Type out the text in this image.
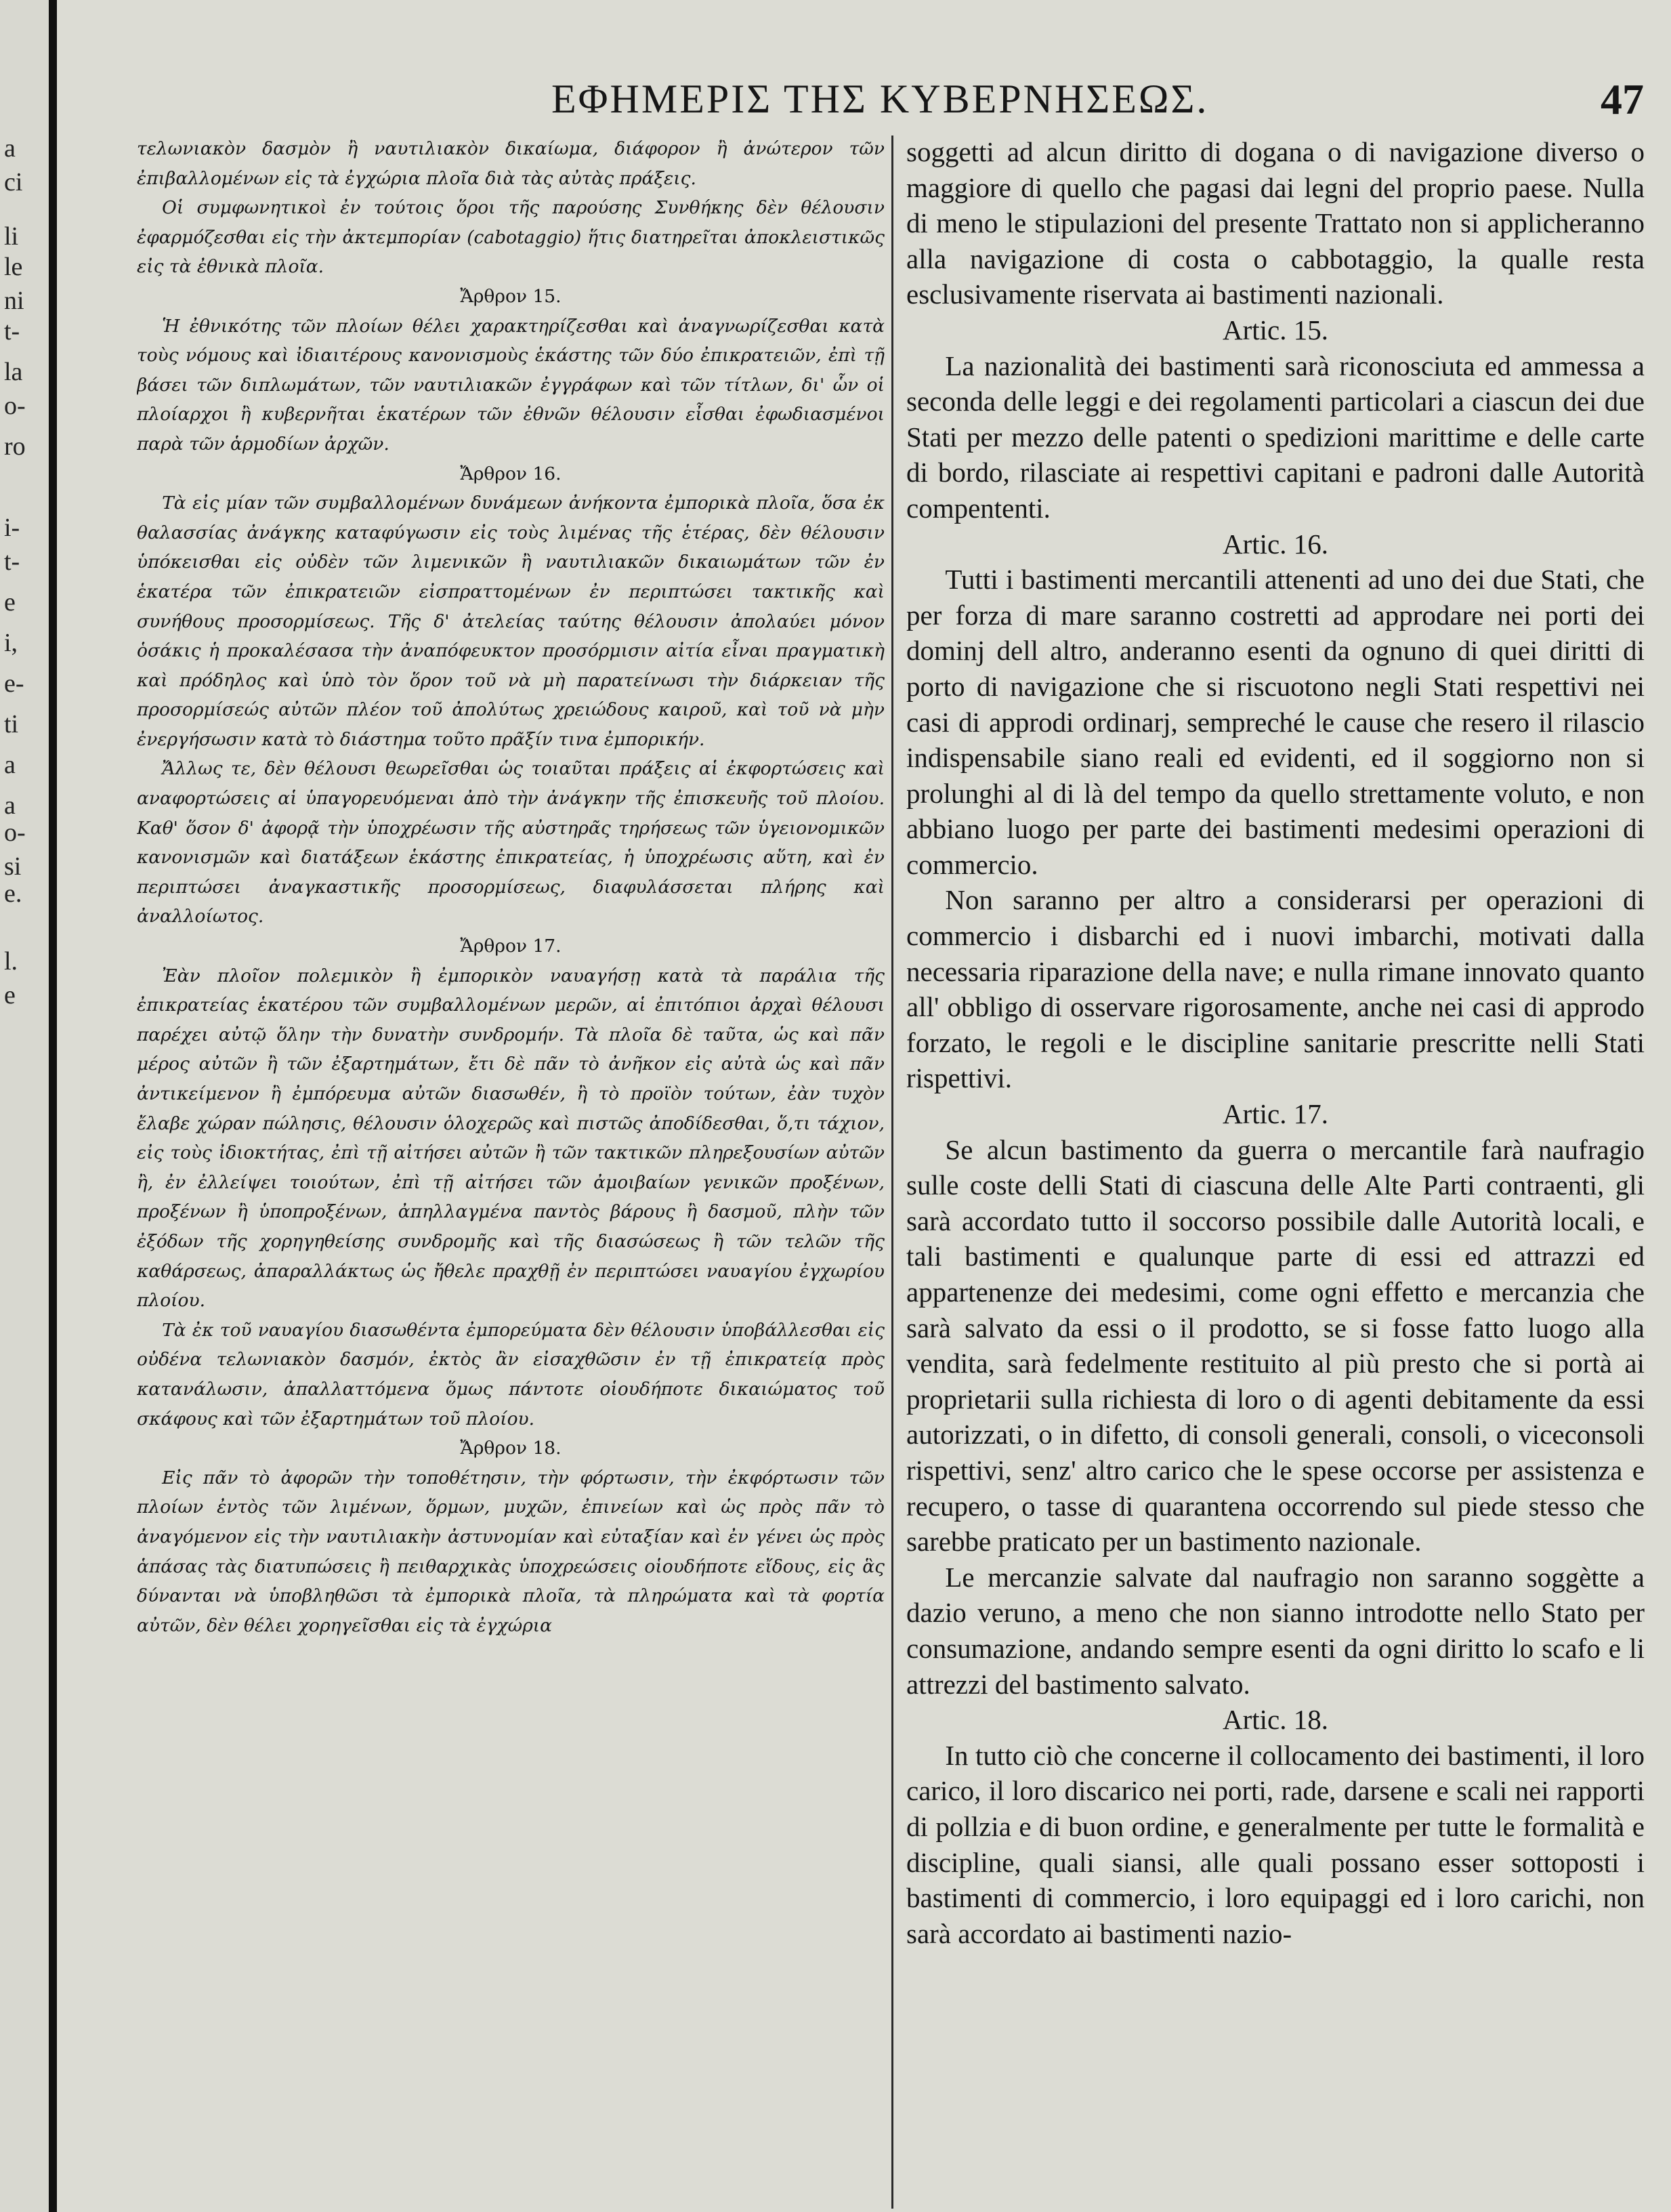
a
ci
li
le
ni
t-
la
o-
ro
i-
t-
e
i,
e-
ti
a
a
o-
si
e.
l.
e
ΕΦΗΜΕΡΙΣ ΤΗΣ ΚΥΒΕΡΝΗΣΕΩΣ.	47

τελωνιακὸν δασμὸν ἢ ναυτιλιακὸν δικαίωμα, διάφορον ἢ ἀνώτερον τῶν ἐπιβαλλομένων εἰς τὰ ἐγχώρια πλοῖα διὰ τὰς αὐτὰς πράξεις.

Οἱ συμφωνητικοὶ ἐν τούτοις ὅροι τῆς παρούσης Συνθήκης δὲν θέλουσιν ἐφαρμόζεσθαι εἰς τὴν ἀκτεμπορίαν (cabotaggio) ἥτις διατηρεῖται ἀποκλειστικῶς εἰς τὰ ἐθνικὰ πλοῖα.

Ἄρθρον 15.

Ἡ ἐθνικότης τῶν πλοίων θέλει χαρακτηρίζεσθαι καὶ ἀναγνωρίζεσθαι κατὰ τοὺς νόμους καὶ ἰδιαιτέρους κανονισμοὺς ἑκάστης τῶν δύο ἐπικρατειῶν, ἐπὶ τῇ βάσει τῶν διπλωμάτων, τῶν ναυτιλιακῶν ἐγγράφων καὶ τῶν τίτλων, δι' ὧν οἱ πλοίαρχοι ἢ κυβερνῆται ἑκατέρων τῶν ἐθνῶν θέλουσιν εἶσθαι ἐφωδιασμένοι παρὰ τῶν ἁρμοδίων ἀρχῶν.

Ἄρθρον 16.

Τὰ εἰς μίαν τῶν συμβαλλομένων δυνάμεων ἀνήκοντα ἐμπορικὰ πλοῖα, ὅσα ἐκ θαλασσίας ἀνάγκης καταφύγωσιν εἰς τοὺς λιμένας τῆς ἑτέρας, δὲν θέλουσιν ὑπόκεισθαι εἰς οὐδὲν τῶν λιμενικῶν ἢ ναυτιλιακῶν δικαιωμάτων τῶν ἐν ἑκατέρα τῶν ἐπικρατειῶν εἰσπραττομένων ἐν περιπτώσει τακτικῆς καὶ συνήθους προσορμίσεως. Τῆς δ' ἀτελείας ταύτης θέλουσιν ἀπολαύει μόνον ὁσάκις ἡ προκαλέσασα τὴν ἀναπόφευκτον προσόρμισιν αἰτία εἶναι πραγματικὴ καὶ πρόδηλος καὶ ὑπὸ τὸν ὅρον τοῦ νὰ μὴ παρατείνωσι τὴν διάρκειαν τῆς προσορμίσεώς αὐτῶν πλέον τοῦ ἀπολύτως χρειώδους καιροῦ, καὶ τοῦ νὰ μὴν ἐνεργήσωσιν κατὰ τὸ διάστημα τοῦτο πρᾶξίν τινα ἐμπορικήν.

Ἄλλως τε, δὲν θέλουσι θεωρεῖσθαι ὡς τοιαῦται πράξεις αἱ ἐκφορτώσεις καὶ αναφορτώσεις αἱ ὑπαγορευόμεναι ἀπὸ τὴν ἀνάγκην τῆς ἐπισκευῆς τοῦ πλοίου. Καθ' ὅσον δ' ἀφορᾷ τὴν ὑποχρέωσιν τῆς αὐστηρᾶς τηρήσεως τῶν ὑγειονομικῶν κανονισμῶν καὶ διατάξεων ἑκάστης ἐπικρατείας, ἡ ὑποχρέωσις αὕτη, καὶ ἐν περιπτώσει ἀναγκαστικῆς προσορμίσεως, διαφυλάσσεται πλήρης καὶ ἀναλλοίωτος.

Ἄρθρον 17.

Ἐὰν πλοῖον πολεμικὸν ἢ ἐμπορικὸν ναυαγήσῃ κατὰ τὰ παράλια τῆς ἐπικρατείας ἑκατέρου τῶν συμβαλλομένων μερῶν, αἱ ἐπιτόπιοι ἀρχαὶ θέλουσι παρέχει αὐτῷ ὅλην τὴν δυνατὴν συνδρομήν. Τὰ πλοῖα δὲ ταῦτα, ὡς καὶ πᾶν μέρος αὐτῶν ἢ τῶν ἐξαρτημάτων, ἔτι δὲ πᾶν τὸ ἀνῆκον εἰς αὐτὰ ὡς καὶ πᾶν ἀντικείμενον ἢ ἐμπόρευμα αὐτῶν διασωθέν, ἢ τὸ προϊὸν τούτων, ἐὰν τυχὸν ἔλαβε χώραν πώλησις, θέλουσιν ὁλοχερῶς καὶ πιστῶς ἀποδίδεσθαι, ὅ,τι τάχιον, εἰς τοὺς ἰδιοκτήτας, ἐπὶ τῇ αἰτήσει αὐτῶν ἢ τῶν τακτικῶν πληρεξουσίων αὐτῶν ἢ, ἐν ἐλλείψει τοιούτων, ἐπὶ τῇ αἰτήσει τῶν ἀμοιβαίων γενικῶν προξένων, προξένων ἢ ὑποπροξένων, ἀπηλλαγμένα παντὸς βάρους ἢ δασμοῦ, πλὴν τῶν ἐξόδων τῆς χορηγηθείσης συνδρομῆς καὶ τῆς διασώσεως ἢ τῶν τελῶν τῆς καθάρσεως, ἀπαραλλάκτως ὡς ἤθελε πραχθῇ ἐν περιπτώσει ναυαγίου ἐγχωρίου πλοίου.

Τὰ ἐκ τοῦ ναυαγίου διασωθέντα ἐμπορεύματα δὲν θέλουσιν ὑποβάλλεσθαι εἰς οὐδένα τελωνιακὸν δασμόν, ἐκτὸς ἂν εἰσαχθῶσιν ἐν τῇ ἐπικρατείᾳ πρὸς κατανάλωσιν, ἀπαλλαττόμενα ὅμως πάντοτε οἱουδήποτε δικαιώματος τοῦ σκάφους καὶ τῶν ἐξαρτημάτων τοῦ πλοίου.

Ἄρθρον 18.

Εἰς πᾶν τὸ ἀφορῶν τὴν τοποθέτησιν, τὴν φόρτωσιν, τὴν ἐκφόρτωσιν τῶν πλοίων ἐντὸς τῶν λιμένων, ὅρμων, μυχῶν, ἐπινείων καὶ ὡς πρὸς πᾶν τὸ ἀναγόμενον εἰς τὴν ναυτιλιακὴν ἀστυνομίαν καὶ εὐταξίαν καὶ ἐν γένει ὡς πρὸς ἁπάσας τὰς διατυπώσεις ἢ πειθαρχικὰς ὑποχρεώσεις οἱουδήποτε εἴδους, εἰς ἃς δύνανται νὰ ὑποβληθῶσι τὰ ἐμπορικὰ πλοῖα, τὰ πληρώματα καὶ τὰ φορτία αὐτῶν, δὲν θέλει χορηγεῖσθαι εἰς τὰ ἐγχώρια

soggetti ad alcun diritto di dogana o di navigazione diverso o maggiore di quello che pagasi dai legni del proprio paese. Nulla di meno le stipulazioni del presente Trattato non si applicheranno alla navigazione di costa o cabbotaggio, la qualle resta esclusivamente riservata ai bastimenti nazionali.

Artic. 15.

La nazionalità dei bastimenti sarà riconosciuta ed ammessa a seconda delle leggi e dei regolamenti particolari a ciascun dei due Stati per mezzo delle patenti o spedizioni marittime e delle carte di bordo, rilasciate ai respettivi capitani e padroni dalle Autorità compententi.

Artic. 16.

Tutti i bastimenti mercantili attenenti ad uno dei due Stati, che per forza di mare saranno costretti ad approdare nei porti dei dominj dell altro, anderanno esenti da ognuno di quei diritti di porto di navigazione che si riscuotono negli Stati respettivi nei casi di approdi ordinarj, sempreché le cause che resero il rilascio indispensabile siano reali ed evidenti, ed il soggiorno non si prolunghi al di là del tempo da quello strettamente voluto, e non abbiano luogo per parte dei bastimenti medesimi operazioni di commercio.

Non saranno per altro a considerarsi per operazioni di commercio i disbarchi ed i nuovi imbarchi, motivati dalla necessaria riparazione della nave; e nulla rimane innovato quanto all' obbligo di osservare rigorosamente, anche nei casi di approdo forzato, le regoli e le discipline sanitarie prescritte nelli Stati rispettivi.

Artic. 17.

Se alcun bastimento da guerra o mercantile farà naufragio sulle coste delli Stati di ciascuna delle Alte Parti contraenti, gli sarà accordato tutto il soccorso possibile dalle Autorità locali, e tali bastimenti e qualunque parte di essi ed attrazzi ed appartenenze dei medesimi, come ogni effetto e mercanzia che sarà salvato da essi o il prodotto, se si fosse fatto luogo alla vendita, sarà fedelmente restituito al più presto che si portà ai proprietarii sulla richiesta di loro o di agenti debitamente da essi autorizzati, o in difetto, di consoli generali, consoli, o viceconsoli rispettivi, senz' altro carico che le spese occorse per assistenza e recupero, o tasse di quarantena occorrendo sul piede stesso che sarebbe praticato per un bastimento nazionale.

Le mercanzie salvate dal naufragio non saranno soggètte a dazio veruno, a meno che non sianno introdotte nello Stato per consumazione, andando sempre esenti da ogni diritto lo scafo e li attrezzi del bastimento salvato.

Artic. 18.

In tutto ciò che concerne il collocamento dei bastimenti, il loro carico, il loro discarico nei porti, rade, darsene e scali nei rapporti di pollzia e di buon ordine, e generalmente per tutte le formalità e discipline, quali siansi, alle quali possano esser sottoposti i bastimenti di commercio, i loro equipaggi ed i loro carichi, non sarà accordato ai bastimenti nazio-
